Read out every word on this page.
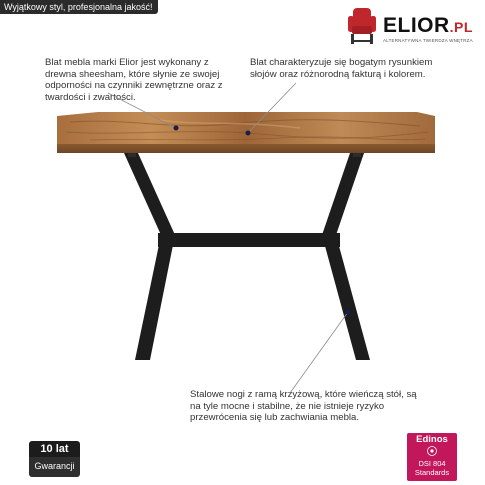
Wyjątkowy styl, profesjonalna jakość!
ELIOR.PL
ALTERNATYWNA TWIERDZA WNĘTRZA
Blat mebla marki Elior jest wykonany z drewna sheesham, które słynie ze swojej odporności na czynniki zewnętrzne oraz z twardości i zwartości.
Blat charakteryzuje się bogatym rysunkiem słojów oraz różnorodną fakturą i kolorem.
Stalowe nogi z ramą krzyżową, które wieńczą stół, są na tyle mocne i stabilne, że nie istnieje ryzyko przewrócenia się lub zachwiania mebla.
10 lat
Gwarancji
Edinos
DSI 804
Standards
